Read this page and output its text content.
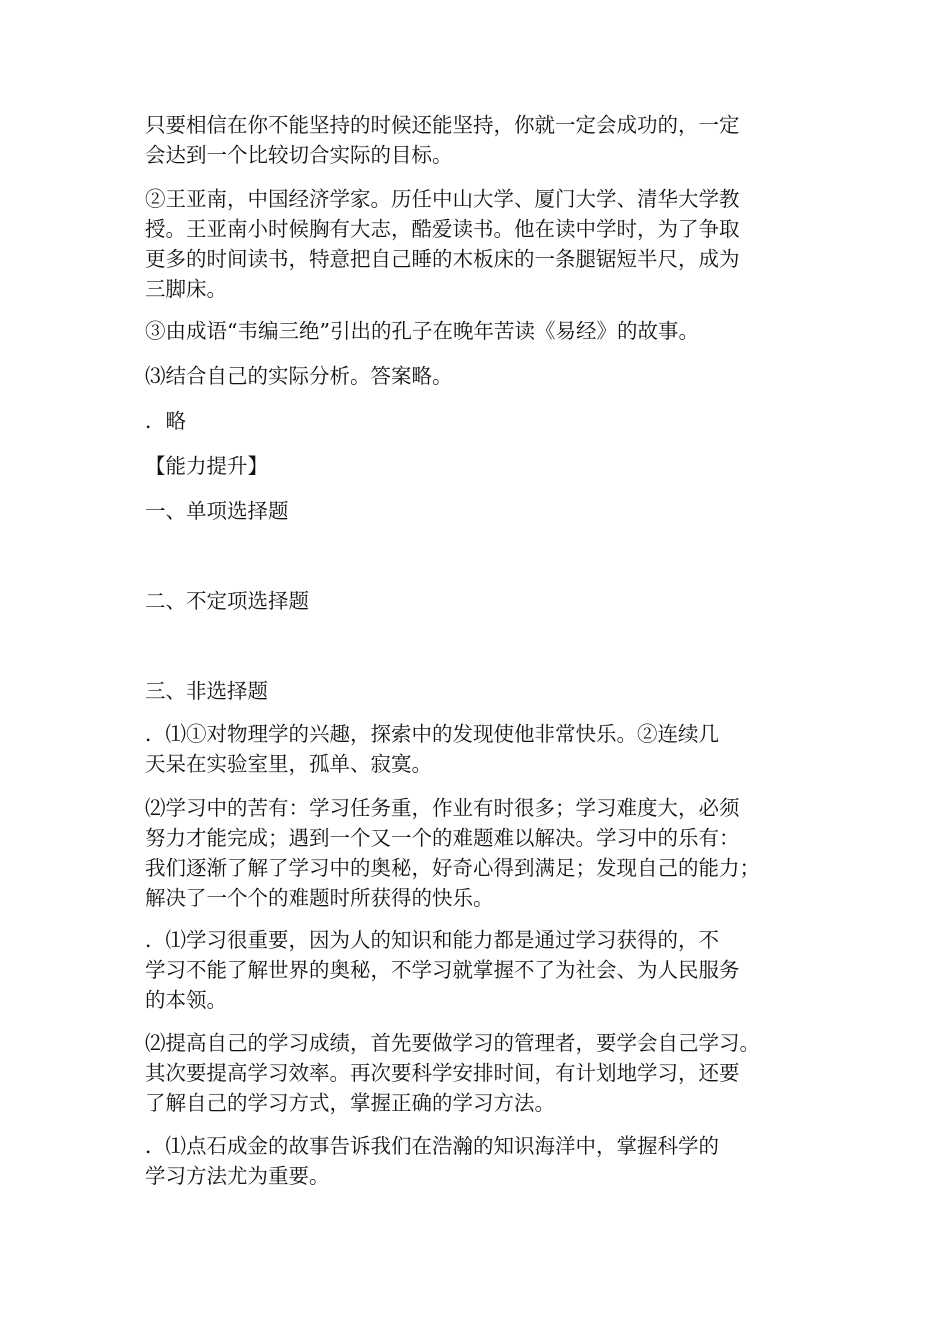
只要相信在你不能坚持的时候还能坚持，你就一定会成功的，一定
会达到一个比较切合实际的目标。
②王亚南，中国经济学家。历任中山大学、厦门大学、清华大学教
授。王亚南小时候胸有大志，酷爱读书。他在读中学时，为了争取
更多的时间读书，特意把自己睡的木板床的一条腿锯短半尺，成为
三脚床。
③由成语“韦编三绝”引出的孔子在晚年苦读《易经》的故事。
⑶结合自己的实际分析。答案略。
．略
【能力提升】
一、单项选择题
二、不定项选择题
三、非选择题
．⑴①对物理学的兴趣，探索中的发现使他非常快乐。②连续几
天呆在实验室里，孤单、寂寞。
⑵学习中的苦有：学习任务重，作业有时很多；学习难度大，必须
努力才能完成；遇到一个又一个的难题难以解决。学习中的乐有：
我们逐渐了解了学习中的奥秘，好奇心得到满足；发现自己的能力；
解决了一个个的难题时所获得的快乐。
．⑴学习很重要，因为人的知识和能力都是通过学习获得的，不
学习不能了解世界的奥秘，不学习就掌握不了为社会、为人民服务
的本领。
⑵提高自己的学习成绩，首先要做学习的管理者，要学会自己学习。
其次要提高学习效率。再次要科学安排时间，有计划地学习，还要
了解自己的学习方式，掌握正确的学习方法。
．⑴点石成金的故事告诉我们在浩瀚的知识海洋中，掌握科学的
学习方法尤为重要。
